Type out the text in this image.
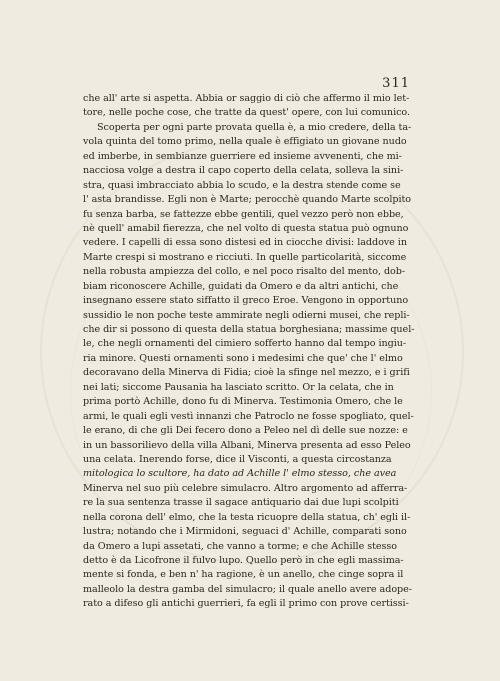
311
che all' arte si aspetta. Abbia or saggio di ciò che affermo il mio let-
tore, nelle poche cose, che tratte da quest' opere, con lui comunico.
Scoperta per ogni parte provata quella è, a mio credere, della ta-
vola quinta del tomo primo, nella quale è effigiato un giovane nudo
ed imberbe, in sembianze guerriere ed insieme avvenenti, che mi-
nacciosa volge a destra il capo coperto della celata, solleva la sini-
stra, quasi imbracciato abbia lo scudo, e la destra stende come se
l' asta brandisse. Egli non è Marte; perocchè quando Marte scolpito
fu senza barba, se fattezze ebbe gentili, quel vezzo però non ebbe,
nè quell' amabil fierezza, che nel volto di questa statua può ognuno
vedere. I capelli di essa sono distesi ed in ciocche divisi: laddove in
Marte crespi si mostrano e ricciuti. In quelle particolarità, siccome
nella robusta ampiezza del collo, e nel poco risalto del mento, dob-
biam riconoscere Achille, guidati da Omero e da altri antichi, che
insegnano essere stato siffatto il greco Eroe. Vengono in opportuno
sussidio le non poche teste ammirate negli odierni musei, che repli-
che dir si possono di questa della statua borghesiana; massime quel-
le, che negli ornamenti del cimiero sofferto hanno dal tempo ingiu-
ria minore. Questi ornamenti sono i medesimi che que' che l' elmo
decoravano della Minerva di Fidia; cioè la sfinge nel mezzo, e i grifi
nei lati; siccome Pausania ha lasciato scritto. Or la celata, che in
prima portò Achille, dono fu di Minerva. Testimonia Omero, che le
armi, le quali egli vestì innanzi che Patroclo ne fosse spogliato, quel-
le erano, di che gli Dei fecero dono a Peleo nel dì delle sue nozze: e
in un bassorilievo della villa Albani, Minerva presenta ad esso Peleo
una celata. Inerendo forse, dice il Visconti, a questa circostanza
mitologica lo scultore, ha dato ad Achille l' elmo stesso, che avea
Minerva nel suo più celebre simulacro. Altro argomento ad afferra-
re la sua sentenza trasse il sagace antiquario dai due lupi scolpiti
nella corona dell' elmo, che la testa ricuopre della statua, ch' egli il-
lustra; notando che i Mirmidoni, seguaci d' Achille, comparati sono
da Omero a lupi assetati, che vanno a torme; e che Achille stesso
detto è da Licofrone il fulvo lupo. Quello però in che egli massima-
mente si fonda, e ben n' ha ragione, è un anello, che cinge sopra il
malleolo la destra gamba del simulacro; il quale anello avere adope-
rato a difeso gli antichi guerrieri, fa egli il primo con prove certissi-
